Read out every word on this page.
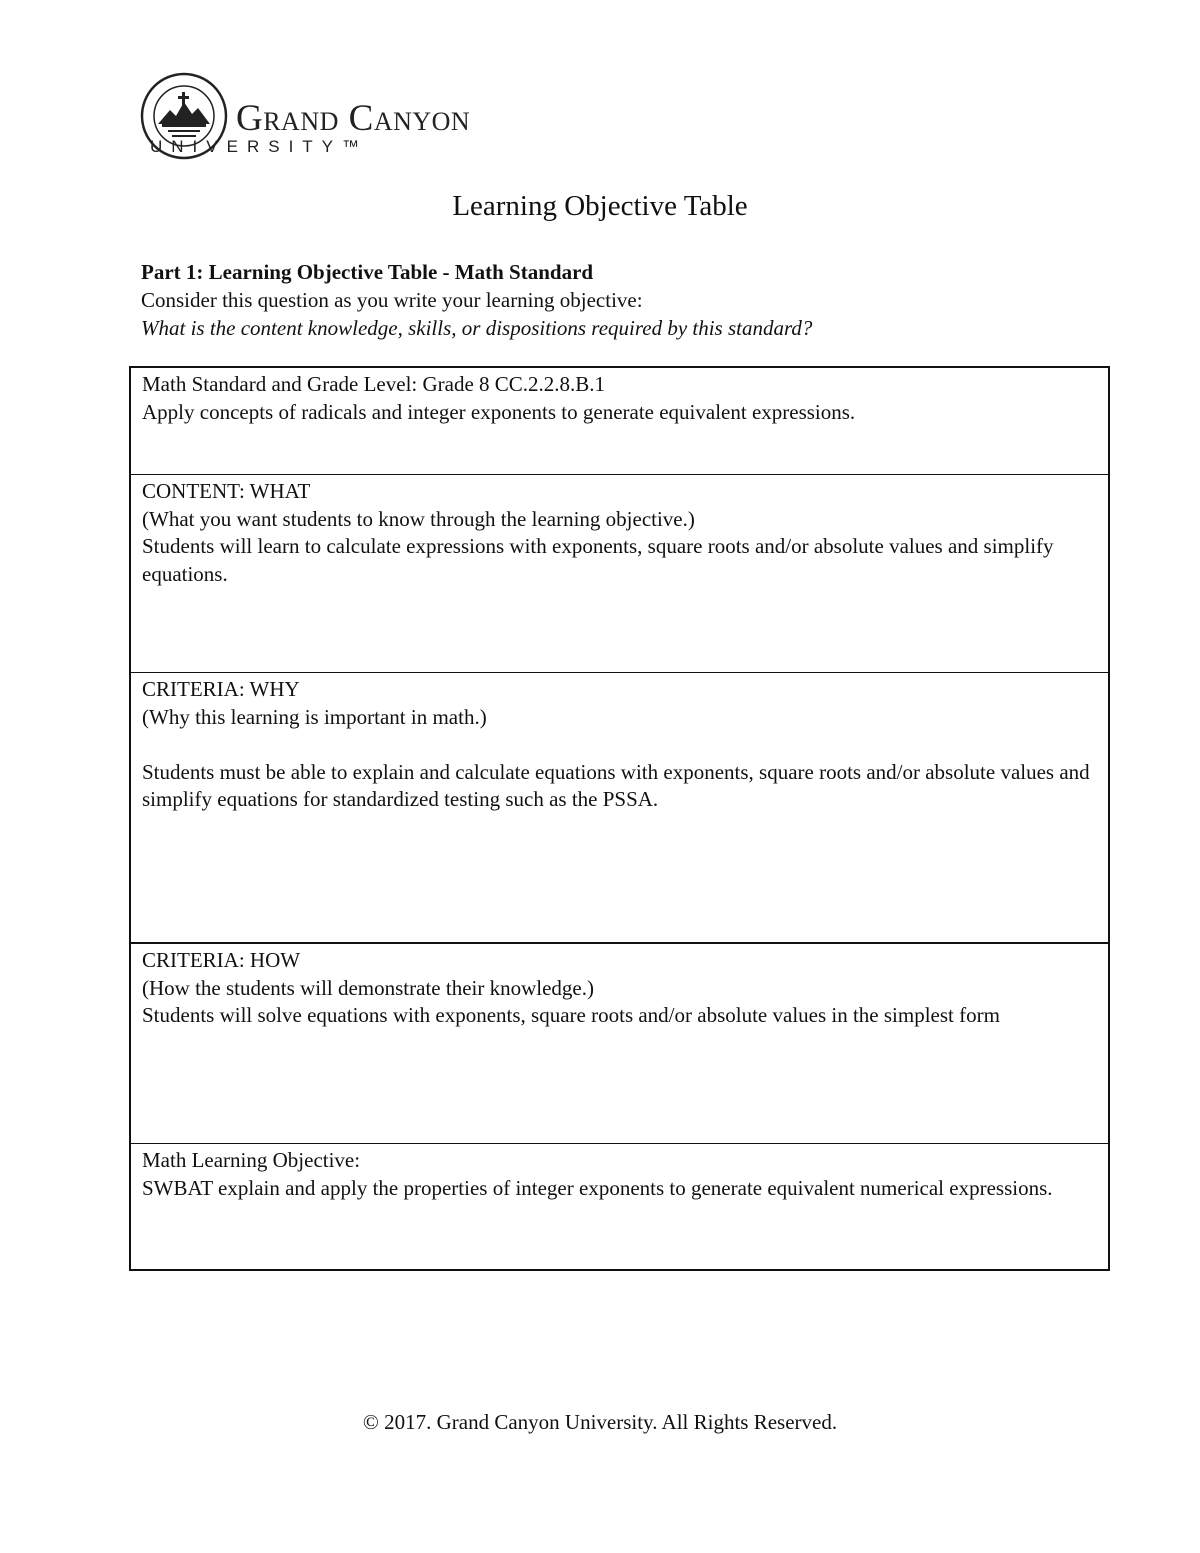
Grand Canyon
UNIVERSITY™
Learning Objective Table
Part 1: Learning Objective Table - Math Standard
Consider this question as you write your learning objective:
What is the content knowledge, skills, or dispositions required by this standard?

Math Standard and Grade Level: Grade 8 CC.2.2.8.B.1

Apply concepts of radicals and integer exponents to generate equivalent expressions.

CONTENT: WHAT

(What you want students to know through the learning objective.)

Students will learn to calculate expressions with exponents, square roots and/or absolute values and simplify equations.

CRITERIA: WHY

(Why this learning is important in math.)

Students must be able to explain and calculate equations with exponents, square roots and/or absolute values and simplify equations for standardized testing such as the PSSA.

CRITERIA: HOW

(How the students will demonstrate their knowledge.)

Students will solve equations with exponents, square roots and/or absolute values in the simplest form

Math Learning Objective:

SWBAT explain and apply the properties of integer exponents to generate equivalent numerical expressions.

© 2017. Grand Canyon University. All Rights Reserved.
